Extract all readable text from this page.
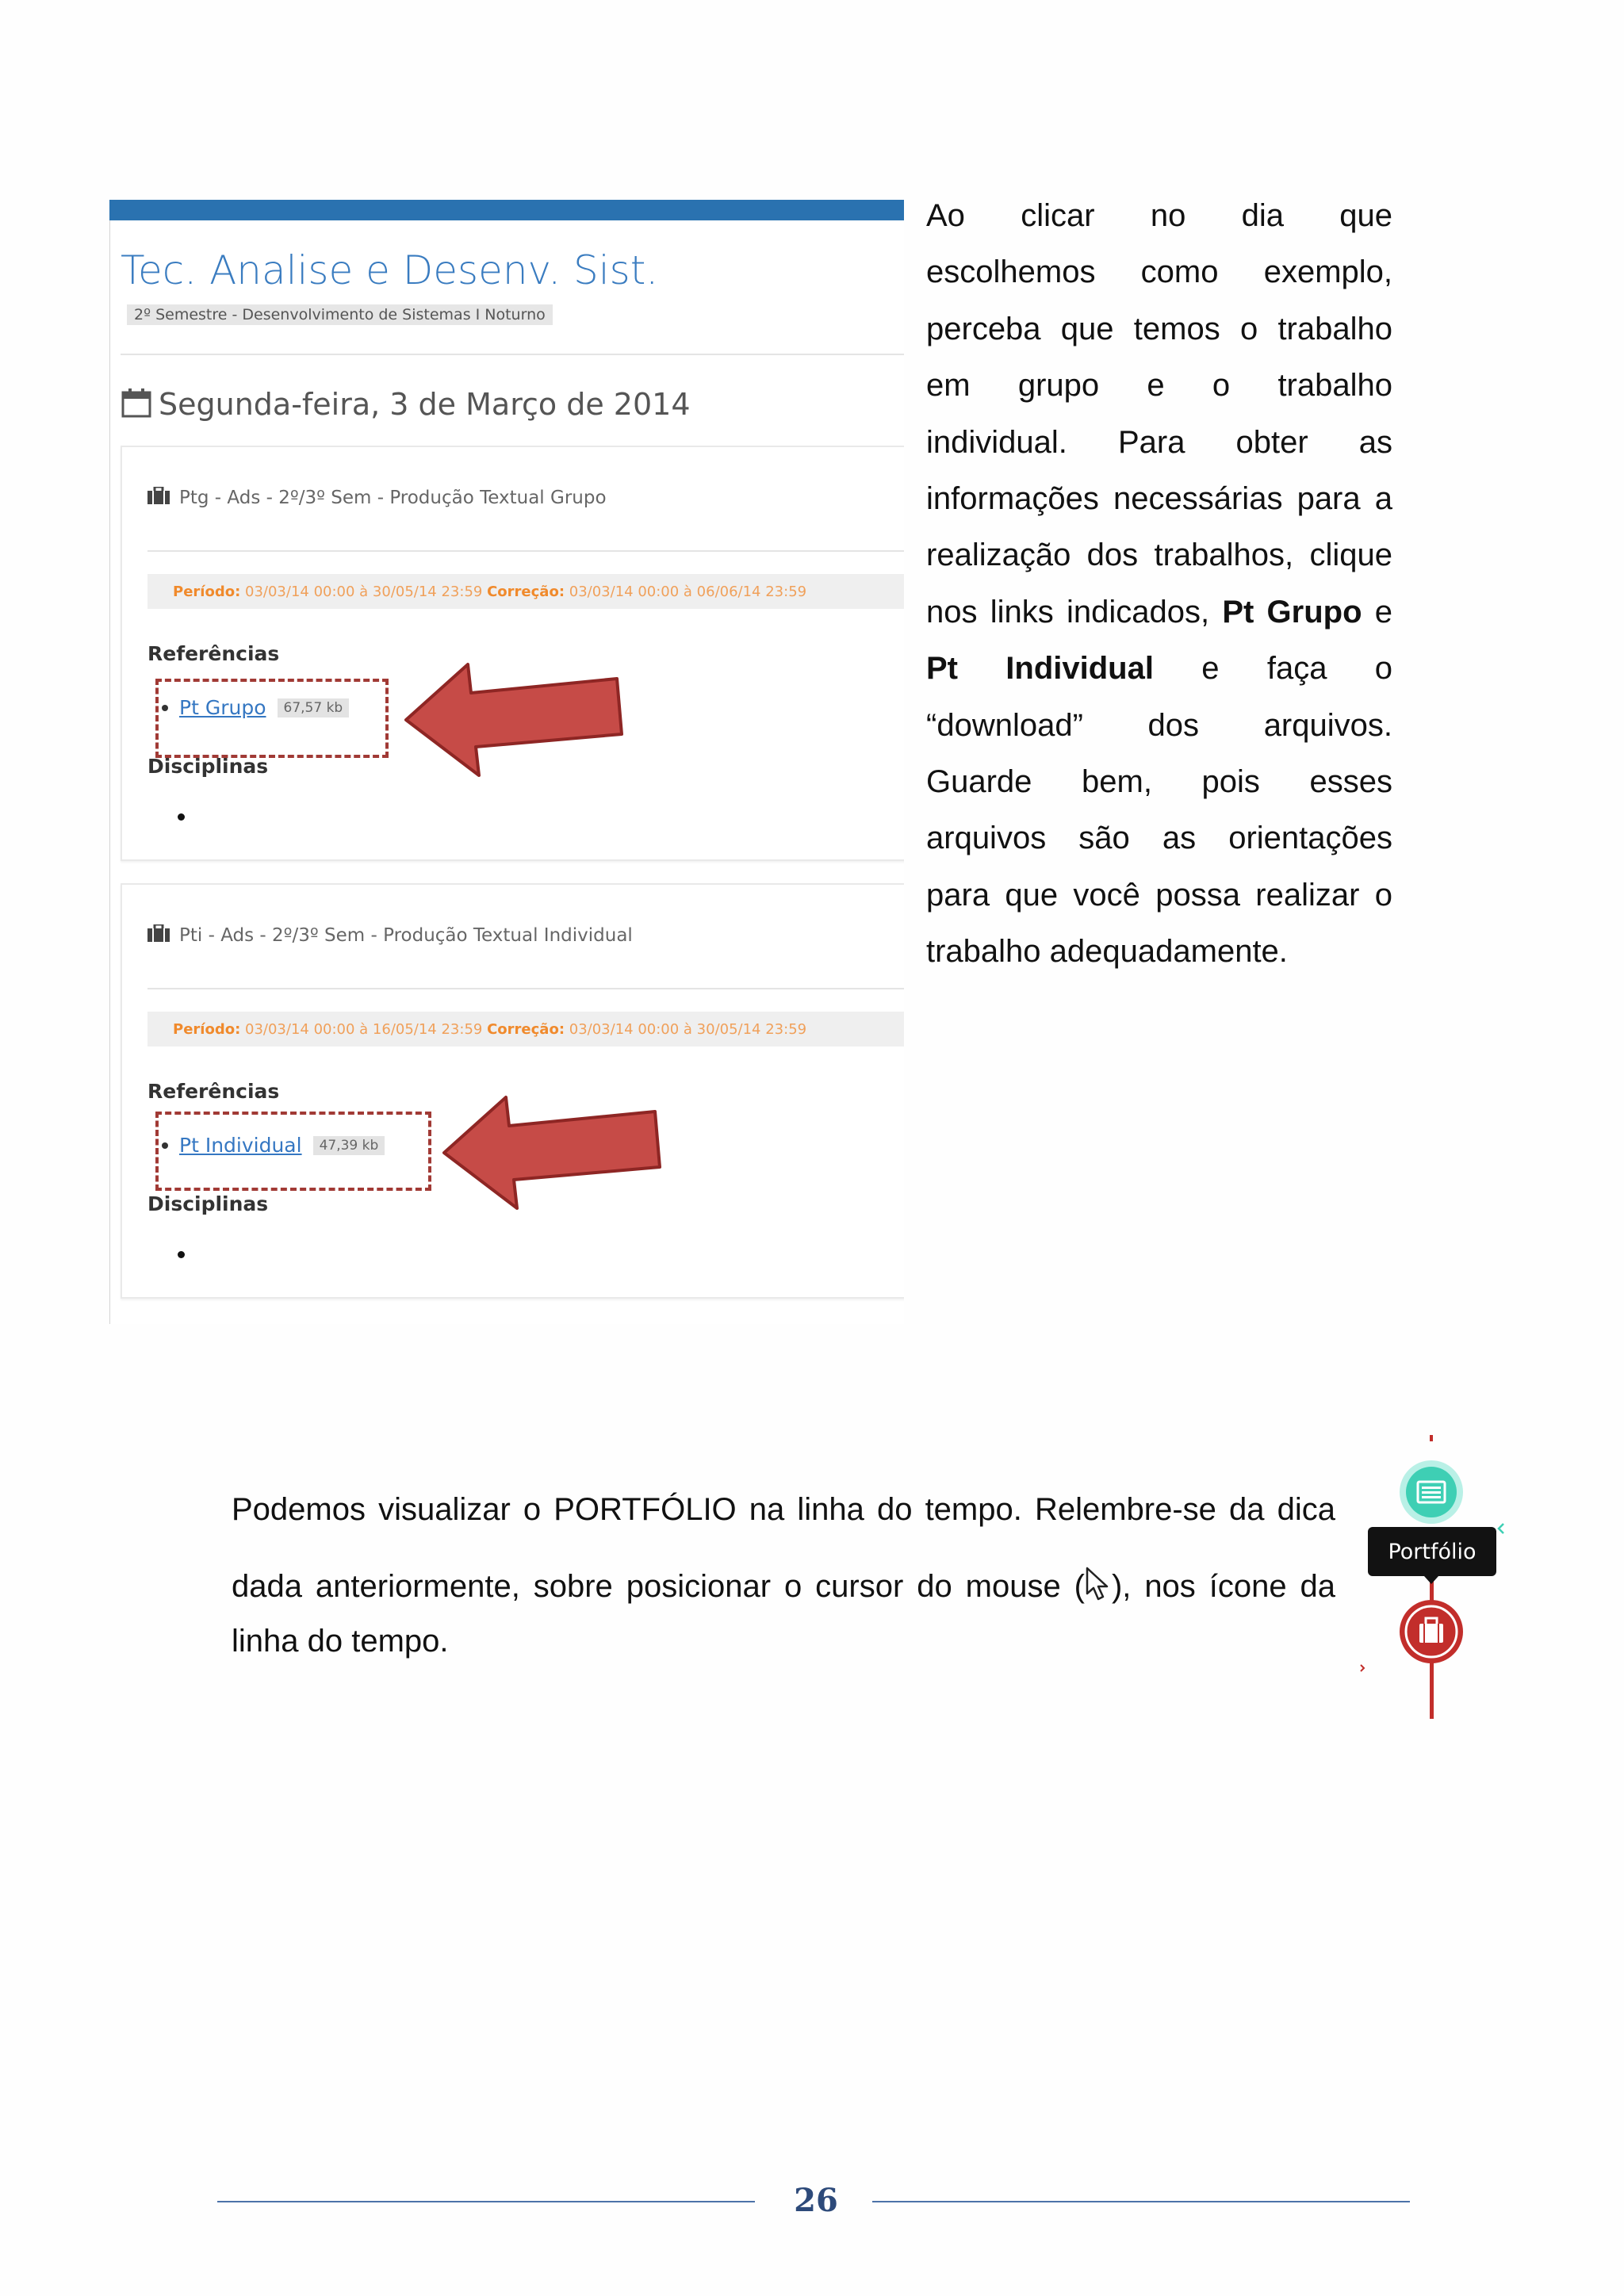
Tec. Analise e Desenv. Sist.
2º Semestre - Desenvolvimento de Sistemas I Noturno
Segunda-feira, 3 de Março de 2014
Ptg - Ads - 2º/3º Sem - Produção Textual Grupo
Período:
03/03/14 00:00 à 30/05/14 23:59
Correção:
03/03/14 00:00 à 06/06/14 23:59
Referências
Pt Grupo	67,57 kb
Disciplinas
Pti - Ads - 2º/3º Sem - Produção Textual Individual
Período:
03/03/14 00:00 à 16/05/14 23:59
Correção:
03/03/14 00:00 à 30/05/14 23:59
Referências
Pt Individual	47,39 kb
Disciplinas
Ao clicar no dia que
escolhemos como exemplo,
perceba que temos o trabalho
em grupo e o trabalho
individual. Para obter as
informações necessárias para a
realização dos trabalhos, clique
nos links indicados, Pt Grupo e
Pt Individual e faça o
“download” dos arquivos.
Guarde bem, pois esses
arquivos são as orientações
para que você possa realizar o
trabalho adequadamente.
Podemos visualizar o PORTFÓLIO na linha do tempo. Relembre-se da dica
dada anteriormente, sobre posicionar o cursor do mouse ( ), nos ícone da
linha do tempo.
Portfólio
26
